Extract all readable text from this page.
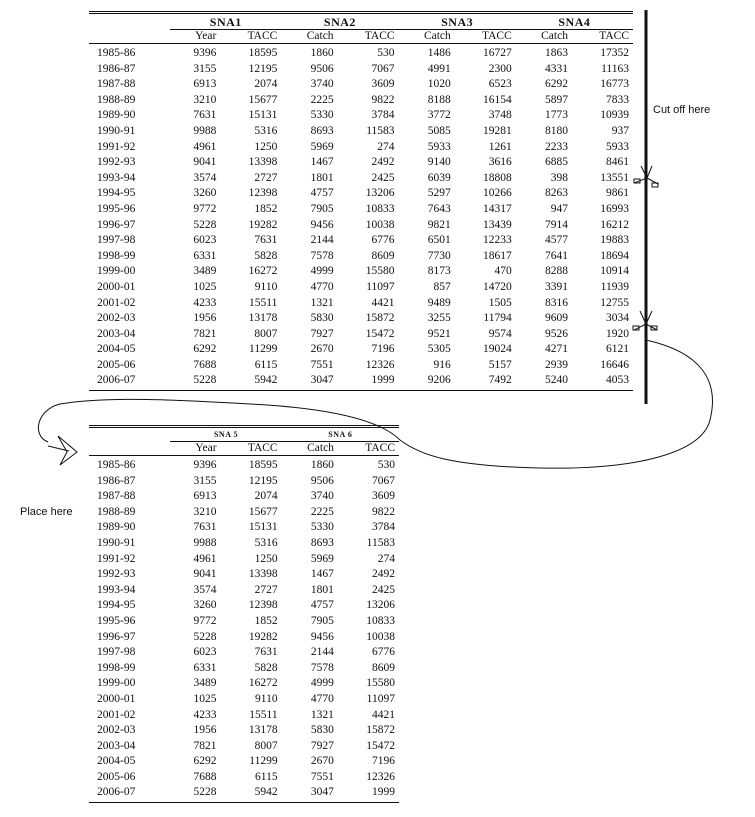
	SNA1		SNA2		SNA3		SNA4	
	Year	TACC	Catch	TACC	Catch	TACC	Catch	TACC
1985-86	9396	18595	1860	530	1486	16727	1863	17352
1986-87	3155	12195	9506	7067	4991	2300	4331	11163
1987-88	6913	2074	3740	3609	1020	6523	6292	16773
1988-89	3210	15677	2225	9822	8188	16154	5897	7833
1989-90	7631	15131	5330	3784	3772	3748	1773	10939
1990-91	9988	5316	8693	11583	5085	19281	8180	937
1991-92	4961	1250	5969	274	5933	1261	2233	5933
1992-93	9041	13398	1467	2492	9140	3616	6885	8461
1993-94	3574	2727	1801	2425	6039	18808	398	13551
1994-95	3260	12398	4757	13206	5297	10266	8263	9861
1995-96	9772	1852	7905	10833	7643	14317	947	16993
1996-97	5228	19282	9456	10038	9821	13439	7914	16212
1997-98	6023	7631	2144	6776	6501	12233	4577	19883
1998-99	6331	5828	7578	8609	7730	18617	7641	18694
1999-00	3489	16272	4999	15580	8173	470	8288	10914
2000-01	1025	9110	4770	11097	857	14720	3391	11939
2001-02	4233	15511	1321	4421	9489	1505	8316	12755
2002-03	1956	13178	5830	15872	3255	11794	9609	3034
2003-04	7821	8007	7927	15472	9521	9574	9526	1920
2004-05	6292	11299	2670	7196	5305	19024	4271	6121
2005-06	7688	6115	7551	12326	916	5157	2939	16646
2006-07	5228	5942	3047	1999	9206	7492	5240	4053
	SNA 5		SNA 6	
	Year	TACC	Catch	TACC
1985-86	9396	18595	1860	530
1986-87	3155	12195	9506	7067
1987-88	6913	2074	3740	3609
1988-89	3210	15677	2225	9822
1989-90	7631	15131	5330	3784
1990-91	9988	5316	8693	11583
1991-92	4961	1250	5969	274
1992-93	9041	13398	1467	2492
1993-94	3574	2727	1801	2425
1994-95	3260	12398	4757	13206
1995-96	9772	1852	7905	10833
1996-97	5228	19282	9456	10038
1997-98	6023	7631	2144	6776
1998-99	6331	5828	7578	8609
1999-00	3489	16272	4999	15580
2000-01	1025	9110	4770	11097
2001-02	4233	15511	1321	4421
2002-03	1956	13178	5830	15872
2003-04	7821	8007	7927	15472
2004-05	6292	11299	2670	7196
2005-06	7688	6115	7551	12326
2006-07	5228	5942	3047	1999
Cut off here
Place here
